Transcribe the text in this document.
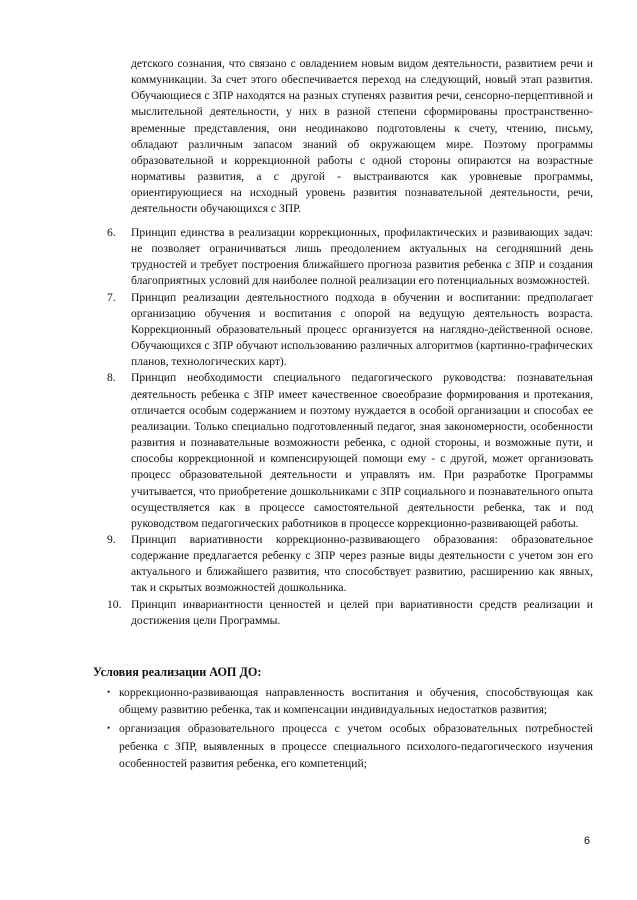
детского сознания, что связано с овладением новым видом деятельности, развитием речи и коммуникации. За счет этого обеспечивается переход на следующий, новый этап развития. Обучающиеся с ЗПР находятся на разных ступенях развития речи, сенсорно-перцептивной и мыслительной деятельности, у них в разной степени сформированы пространственно-временные представления, они неодинаково подготовлены к счету, чтению, письму, обладают различным запасом знаний об окружающем мире. Поэтому программы образовательной и коррекционной работы с одной стороны опираются на возрастные нормативы развития, а с другой - выстраиваются как уровневые программы, ориентирующиеся на исходный уровень развития познавательной деятельности, речи, деятельности обучающихся с ЗПР.
6. Принцип единства в реализации коррекционных, профилактических и развивающих задач: не позволяет ограничиваться лишь преодолением актуальных на сегодняшний день трудностей и требует построения ближайшего прогноза развития ребенка с ЗПР и создания благоприятных условий для наиболее полной реализации его потенциальных возможностей.
7. Принцип реализации деятельностного подхода в обучении и воспитании: предполагает организацию обучения и воспитания с опорой на ведущую деятельность возраста. Коррекционный образовательный процесс организуется на наглядно-действенной основе. Обучающихся с ЗПР обучают использованию различных алгоритмов (картинно-графических планов, технологических карт).
8. Принцип необходимости специального педагогического руководства: познавательная деятельность ребенка с ЗПР имеет качественное своеобразие формирования и протекания, отличается особым содержанием и поэтому нуждается в особой организации и способах ее реализации. Только специально подготовленный педагог, зная закономерности, особенности развития и познавательные возможности ребенка, с одной стороны, и возможные пути, и способы коррекционной и компенсирующей помощи ему - с другой, может организовать процесс образовательной деятельности и управлять им. При разработке Программы учитывается, что приобретение дошкольниками с ЗПР социального и познавательного опыта осуществляется как в процессе самостоятельной деятельности ребенка, так и под руководством педагогических работников в процессе коррекционно-развивающей работы.
9. Принцип вариативности коррекционно-развивающего образования: образовательное содержание предлагается ребенку с ЗПР через разные виды деятельности с учетом зон его актуального и ближайшего развития, что способствует развитию, расширению как явных, так и скрытых возможностей дошкольника.
10. Принцип инвариантности ценностей и целей при вариативности средств реализации и достижения цели Программы.
Условия реализации АОП ДО:
• коррекционно-развивающая направленность воспитания и обучения, способствующая как общему развитию ребенка, так и компенсации индивидуальных недостатков развития;
• организация образовательного процесса с учетом особых образовательных потребностей ребенка с ЗПР, выявленных в процессе специального психолого-педагогического изучения особенностей развития ребенка, его компетенций;
6
